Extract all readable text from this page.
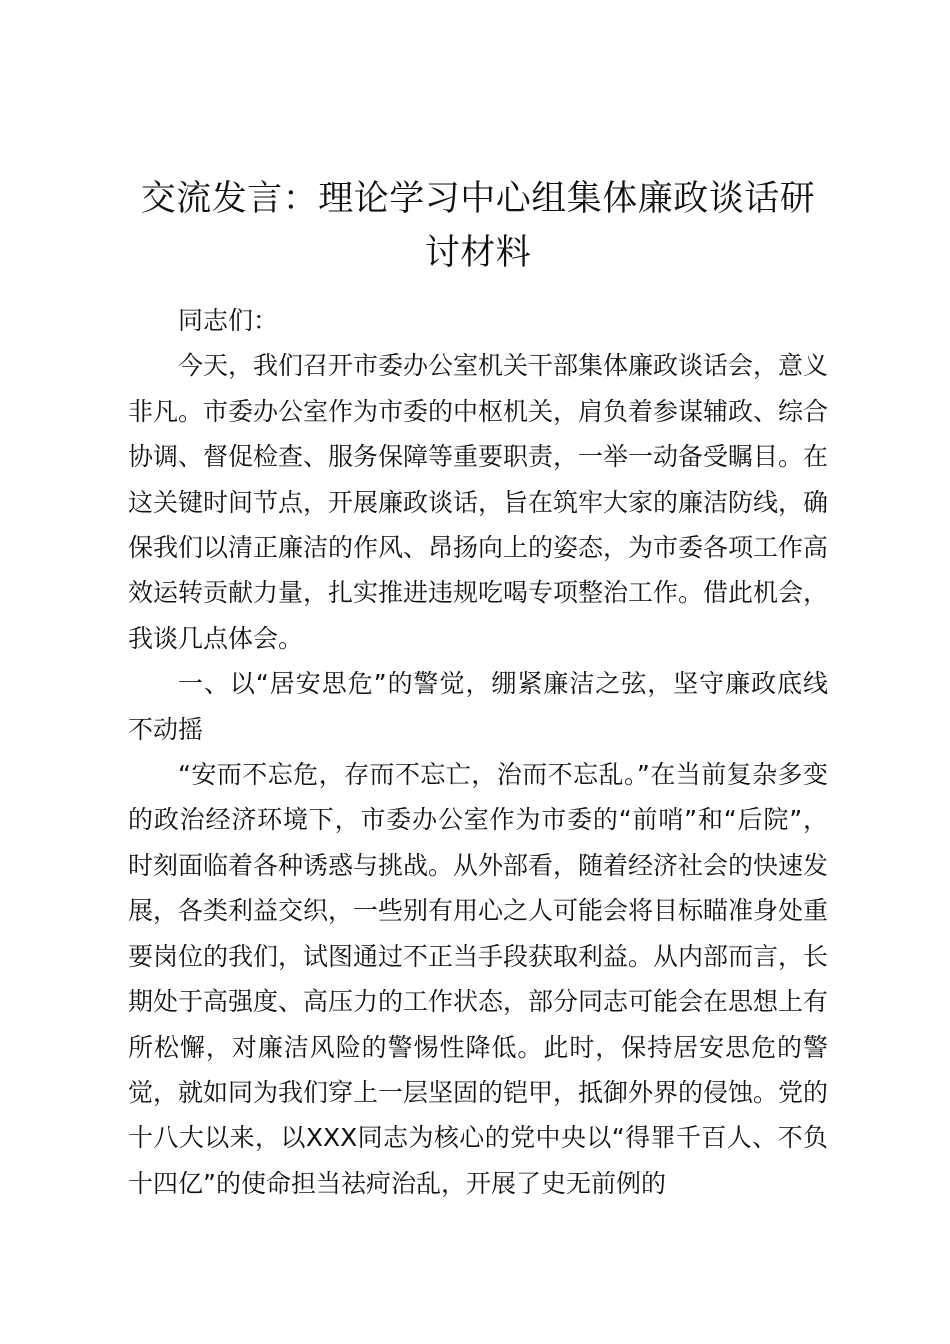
交流发言：理论学习中心组集体廉政谈话研讨材料

同志们：

今天，我们召开市委办公室机关干部集体廉政谈话会，意义非凡。市委办公室作为市委的中枢机关，肩负着参谋辅政、综合协调、督促检查、服务保障等重要职责，一举一动备受瞩目。在这关键时间节点，开展廉政谈话，旨在筑牢大家的廉洁防线，确保我们以清正廉洁的作风、昂扬向上的姿态，为市委各项工作高效运转贡献力量，扎实推进违规吃喝专项整治工作。借此机会，我谈几点体会。

一、以“居安思危”的警觉，绷紧廉洁之弦，坚守廉政底线不动摇

“安而不忘危，存而不忘亡，治而不忘乱。”在当前复杂多变的政治经济环境下，市委办公室作为市委的“前哨”和“后院”，时刻面临着各种诱惑与挑战。从外部看，随着经济社会的快速发展，各类利益交织，一些别有用心之人可能会将目标瞄准身处重要岗位的我们，试图通过不正当手段获取利益。从内部而言，长期处于高强度、高压力的工作状态，部分同志可能会在思想上有所松懈，对廉洁风险的警惕性降低。此时，保持居安思危的警觉，就如同为我们穿上一层坚固的铠甲，抵御外界的侵蚀。党的十八大以来，以XXX同志为核心的党中央以“得罪千百人、不负十四亿”的使命担当祛疴治乱，开展了史无前例的
